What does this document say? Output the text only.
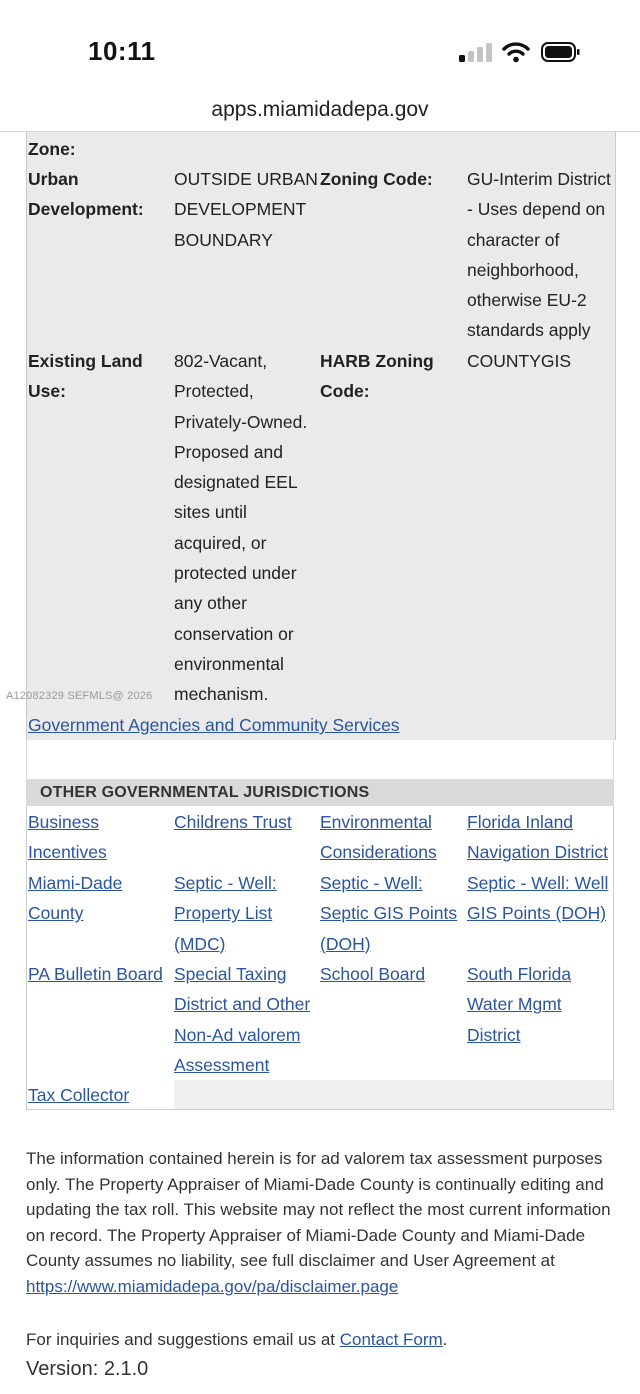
10:11
apps.miamidadepa.gov
Zone:
Urban
Development:
OUTSIDE URBAN
DEVELOPMENT
BOUNDARY
Zoning Code: GU-Interim District
- Uses depend on
character of
neighborhood,
otherwise EU-2
standards apply
Existing Land
Use:
802-Vacant,
Protected,
Privately-Owned.
Proposed and
designated EEL
sites until
acquired, or
protected under
any other
conservation or
environmental
mechanism.
HARB Zoning
Code:
COUNTYGIS
Government Agencies and Community Services
OTHER GOVERNMENTAL JURISDICTIONS
Business
Incentives
Childrens Trust Environmental
Considerations
Florida Inland
Navigation District
Miami-Dade
County
Septic - Well:
Property List
(MDC)
Septic - Well:
Septic GIS Points
(DOH)
Septic - Well: Well
GIS Points (DOH)
PA Bulletin Board Special Taxing
District and Other
Non-Ad valorem
Assessment
School Board South Florida
Water Mgmt
District
Tax Collector
A12082329 SEFMLS@ 2026
The information contained herein is for ad valorem tax assessment purposes only. The Property Appraiser of Miami-Dade County is continually editing and updating the tax roll. This website may not reflect the most current information on record. The Property Appraiser of Miami-Dade County and Miami-Dade County assumes no liability, see full disclaimer and User Agreement at https://www.miamidadepa.gov/pa/disclaimer.page
For inquiries and suggestions email us at Contact Form.
Version: 2.1.0
